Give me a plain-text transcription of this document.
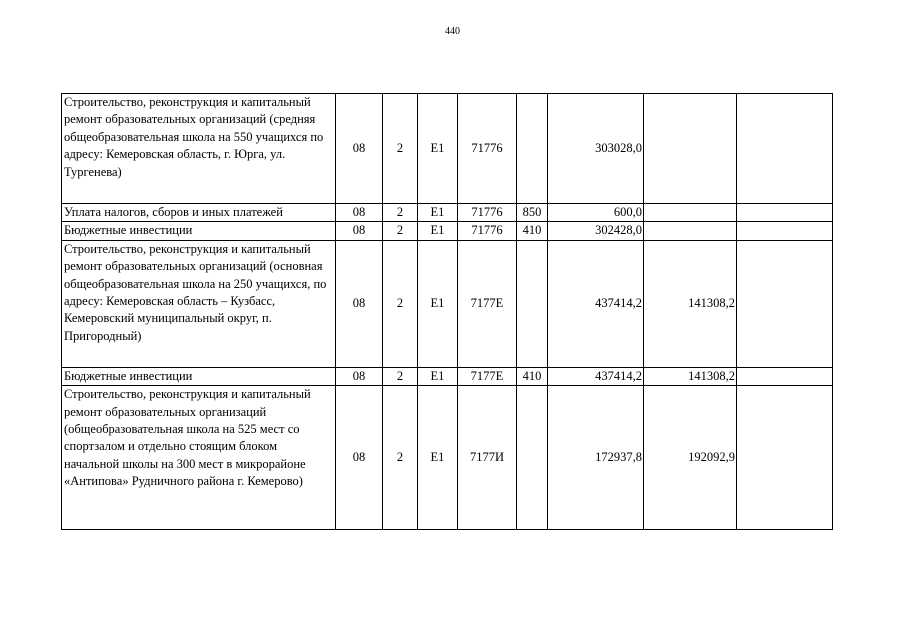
440
Строительство, реконструкция и капитальный ремонт образовательных организаций (средняя общеобразовательная школа на 550 учащихся по адресу: Кемеровская область, г. Юрга, ул. Тургенева)	08	2	E1	71776		303028,0		
Уплата налогов, сборов и иных платежей	08	2	E1	71776	850	600,0		
Бюджетные инвестиции	08	2	E1	71776	410	302428,0		
Строительство, реконструкция и капитальный ремонт образовательных организаций (основная общеобразовательная школа на 250 учащихся, по адресу: Кемеровская область – Кузбасс, Кемеровский муниципальный округ, п. Пригородный)	08	2	E1	7177E		437414,2	141308,2	
Бюджетные инвестиции	08	2	E1	7177E	410	437414,2	141308,2	
Строительство, реконструкция и капитальный ремонт образовательных организаций (общеобразовательная школа на 525 мест со спортзалом и отдельно стоящим блоком начальной школы на 300 мест в микрорайоне «Антипова» Рудничного района г. Кемерово)	08	2	E1	7177И		172937,8	192092,9	
